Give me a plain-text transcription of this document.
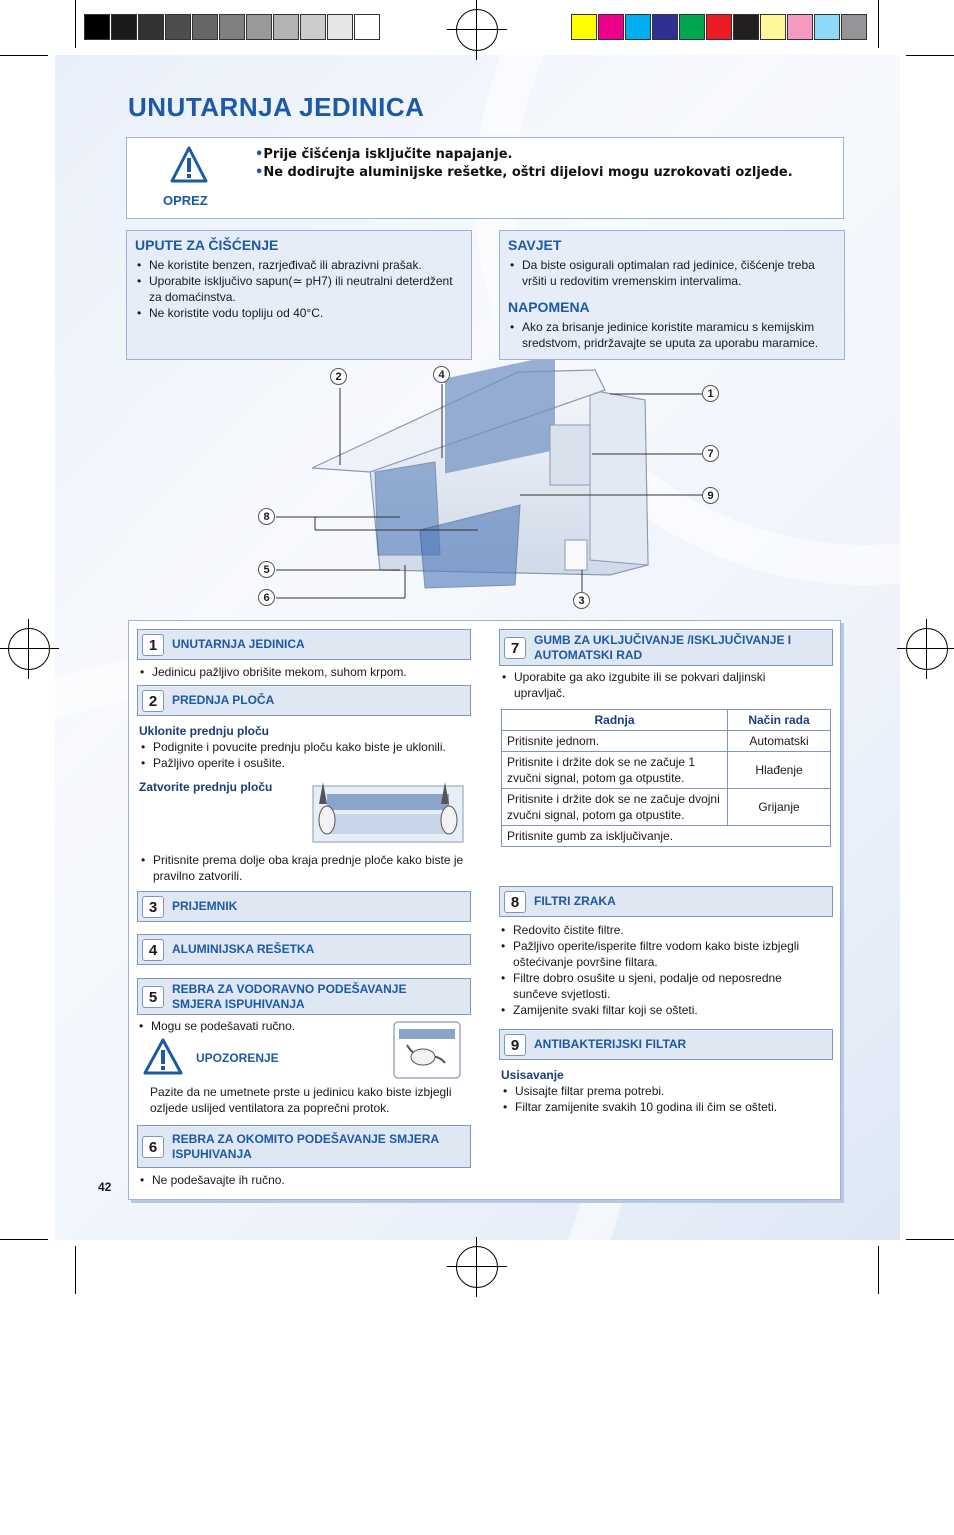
UNUTARNJA JEDINICA
OPREZ
•Prije čišćenja isključite napajanje.
•Ne dodirujte aluminijske rešetke, oštri dijelovi mogu uzrokovati ozljede.
UPUTE ZA ČIŠĆENJE
• Ne koristite benzen, razrjeđivač ili abrazivni prašak.
• Uporabite isključivo sapun(≃ pH7) ili neutralni deterdžent za domaćinstva.
• Ne koristite vodu topliju od 40°C.
SAVJET
• Da biste osigurali optimalan rad jedinice, čišćenje treba vršiti u redovitim vremenskim intervalima.
NAPOMENA
• Ako za brisanje jedinice koristite maramicu s kemijskim sredstvom, pridržavajte se uputa za uporabu maramice.
1
2
3
4
5
6
7
8
9
1	UNUTARNJA JEDINICA
• Jedinicu pažljivo obrišite mekom, suhom krpom.
2	PREDNJA PLOČA
Uklonite prednju ploču
• Podignite i povucite prednju ploču kako biste je uklonili.
• Pažljivo operite i osušite.
Zatvorite prednju ploču
• Pritisnite prema dolje oba kraja prednje ploče kako biste je pravilno zatvorili.
3	PRIJEMNIK
4	ALUMINIJSKA REŠETKA
5	REBRA ZA VODORAVNO PODEŠAVANJE SMJERA ISPUHIVANJA
• Mogu se podešavati ručno.
UPOZORENJE
Pazite da ne umetnete prste u jedinicu kako biste izbjegli ozljede uslijed ventilatora za poprečni protok.
6	REBRA ZA OKOMITO PODEŠAVANJE SMJERA ISPUHIVANJA
• Ne podešavajte ih ručno.
7	GUMB ZA UKLJUČIVANJE /ISKLJUČIVANJE I AUTOMATSKI RAD
• Uporabite ga ako izgubite ili se pokvari daljinski upravljač.
Radnja	Način rada
Pritisnite jednom.	Automatski
Pritisnite i držite dok se ne začuje 1 zvučni signal, potom ga otpustite.	Hlađenje
Pritisnite i držite dok se ne začuje dvojni zvučni signal, potom ga otpustite.	Grijanje
Pritisnite gumb za isključivanje.	
8	FILTRI ZRAKA
• Redovito čistite filtre.
• Pažljivo operite/isperite filtre vodom kako biste izbjegli oštećivanje površine filtara.
• Filtre dobro osušite u sjeni, podalje od neposredne sunčeve svjetlosti.
• Zamijenite svaki filtar koji se ošteti.
9	ANTIBAKTERIJSKI FILTAR
Usisavanje
• Usisajte filtar prema potrebi.
• Filtar zamijenite svakih 10 godina ili čim se ošteti.
42
